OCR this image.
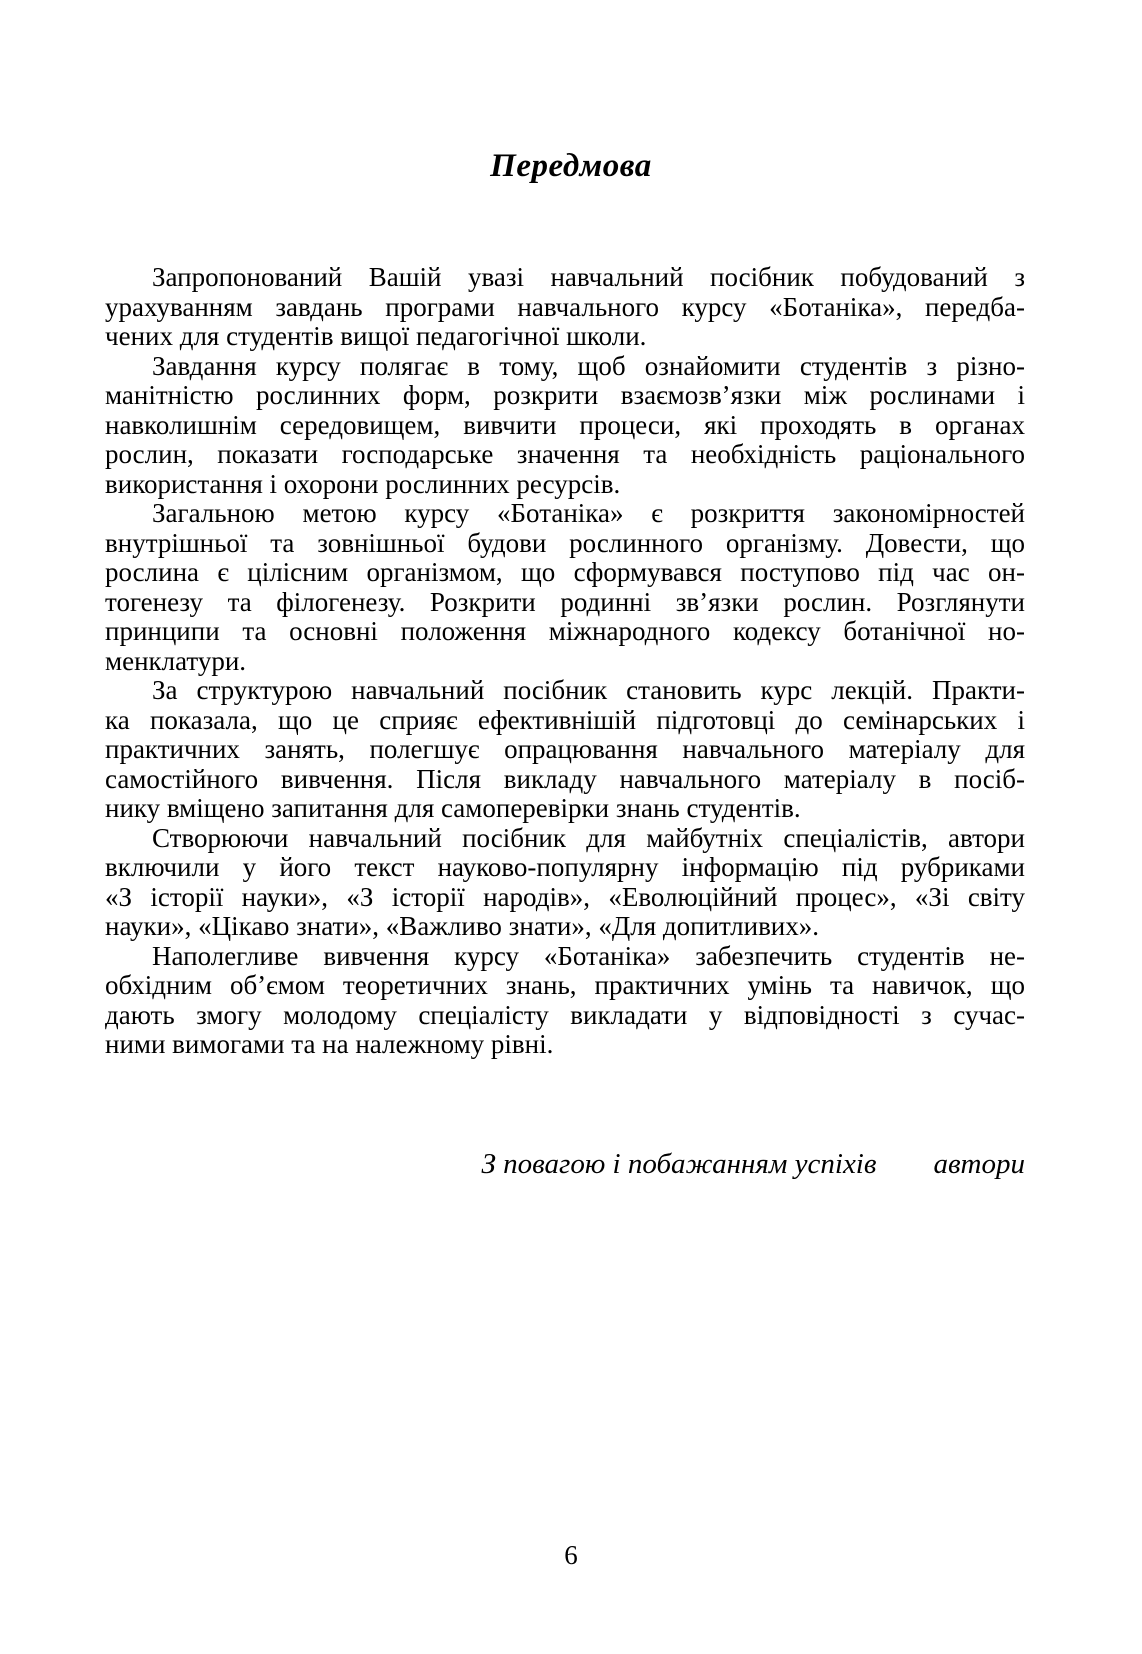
Передмова
Запропонований Вашій увазі навчальний посібник побудований з
урахуванням завдань програми навчального курсу «Ботаніка», передба-
чених для студентів вищої педагогічної школи.
Завдання курсу полягає в тому, щоб ознайомити студентів з різно-
манітністю рослинних форм, розкрити взаємозв’язки між рослинами і
навколишнім середовищем, вивчити процеси, які проходять в органах
рослин, показати господарське значення та необхідність раціонального
використання і охорони рослинних ресурсів.
Загальною метою курсу «Ботаніка» є розкриття закономірностей
внутрішньої та зовнішньої будови рослинного організму. Довести, що
рослина є цілісним організмом, що сформувався поступово під час он-
тогенезу та філогенезу. Розкрити родинні зв’язки рослин. Розглянути
принципи та основні положення міжнародного кодексу ботанічної но-
менклатури.
За структурою навчальний посібник становить курс лекцій. Практи-
ка показала, що це сприяє ефективнішій підготовці до семінарських і
практичних занять, полегшує опрацювання навчального матеріалу для
самостійного вивчення. Після викладу навчального матеріалу в посіб-
нику вміщено запитання для самоперевірки знань студентів.
Створюючи навчальний посібник для майбутніх спеціалістів, автори
включили у його текст науково-популярну інформацію під рубриками
«З історії науки», «З історії народів», «Еволюційний процес», «Зі світу
науки», «Цікаво знати», «Важливо знати», «Для допитливих».
Наполегливе вивчення курсу «Ботаніка» забезпечить студентів не-
обхідним об’ємом теоретичних знань, практичних умінь та навичок, що
дають змогу молодому спеціалісту викладати у відповідності з сучас-
ними вимогами та на належному рівні.
З повагою і побажанням успіхів автори
6
